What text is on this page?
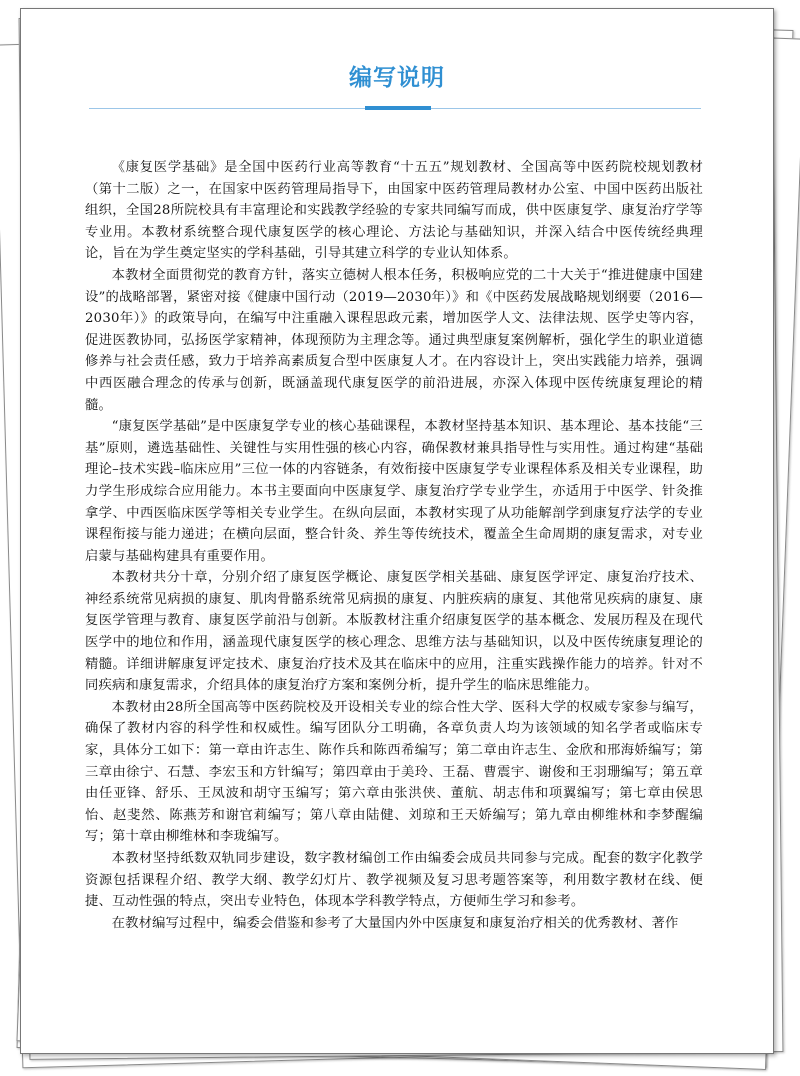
编写说明

《康复医学基础》是全国中医药行业高等教育“十五五”规划教材、全国高等中医药院校规划教材（第十二版）之一，在国家中医药管理局指导下，由国家中医药管理局教材办公室、中国中医药出版社组织，全国28所院校具有丰富理论和实践教学经验的专家共同编写而成，供中医康复学、康复治疗学等专业用。本教材系统整合现代康复医学的核心理论、方法论与基础知识，并深入结合中医传统经典理论，旨在为学生奠定坚实的学科基础，引导其建立科学的专业认知体系。

本教材全面贯彻党的教育方针，落实立德树人根本任务，积极响应党的二十大关于“推进健康中国建设”的战略部署，紧密对接《健康中国行动（2019—2030年）》和《中医药发展战略规划纲要（2016—2030年）》的政策导向，在编写中注重融入课程思政元素，增加医学人文、法律法规、医学史等内容，促进医教协同，弘扬医学家精神，体现预防为主理念等。通过典型康复案例解析，强化学生的职业道德修养与社会责任感，致力于培养高素质复合型中医康复人才。在内容设计上，突出实践能力培养，强调中西医融合理念的传承与创新，既涵盖现代康复医学的前沿进展，亦深入体现中医传统康复理论的精髓。

“康复医学基础”是中医康复学专业的核心基础课程，本教材坚持基本知识、基本理论、基本技能“三基”原则，遴选基础性、关键性与实用性强的核心内容，确保教材兼具指导性与实用性。通过构建“基础理论–技术实践–临床应用”三位一体的内容链条，有效衔接中医康复学专业课程体系及相关专业课程，助力学生形成综合应用能力。本书主要面向中医康复学、康复治疗学专业学生，亦适用于中医学、针灸推拿学、中西医临床医学等相关专业学生。在纵向层面，本教材实现了从功能解剖学到康复疗法学的专业课程衔接与能力递进；在横向层面，整合针灸、养生等传统技术，覆盖全生命周期的康复需求，对专业启蒙与基础构建具有重要作用。

本教材共分十章，分别介绍了康复医学概论、康复医学相关基础、康复医学评定、康复治疗技术、神经系统常见病损的康复、肌肉骨骼系统常见病损的康复、内脏疾病的康复、其他常见疾病的康复、康复医学管理与教育、康复医学前沿与创新。本版教材注重介绍康复医学的基本概念、发展历程及在现代医学中的地位和作用，涵盖现代康复医学的核心理念、思维方法与基础知识，以及中医传统康复理论的精髓。详细讲解康复评定技术、康复治疗技术及其在临床中的应用，注重实践操作能力的培养。针对不同疾病和康复需求，介绍具体的康复治疗方案和案例分析，提升学生的临床思维能力。

本教材由28所全国高等中医药院校及开设相关专业的综合性大学、医科大学的权威专家参与编写，确保了教材内容的科学性和权威性。编写团队分工明确，各章负责人均为该领域的知名学者或临床专家，具体分工如下：第一章由许志生、陈作兵和陈西希编写；第二章由许志生、金欣和邢海娇编写；第三章由徐宁、石慧、李宏玉和方针编写；第四章由于美玲、王磊、曹震宇、谢俊和王羽珊编写；第五章由任亚锋、舒乐、王凤波和胡守玉编写；第六章由张洪侠、董航、胡志伟和项翼编写；第七章由侯思怡、赵斐然、陈燕芳和谢官莉编写；第八章由陆健、刘琼和王天娇编写；第九章由柳维林和李梦醒编写；第十章由柳维林和李珑编写。

本教材坚持纸数双轨同步建设，数字教材编创工作由编委会成员共同参与完成。配套的数字化教学资源包括课程介绍、教学大纲、教学幻灯片、教学视频及复习思考题答案等，利用数字教材在线、便捷、互动性强的特点，突出专业特色，体现本学科教学特点，方便师生学习和参考。

在教材编写过程中，编委会借鉴和参考了大量国内外中医康复和康复治疗相关的优秀教材、著作
